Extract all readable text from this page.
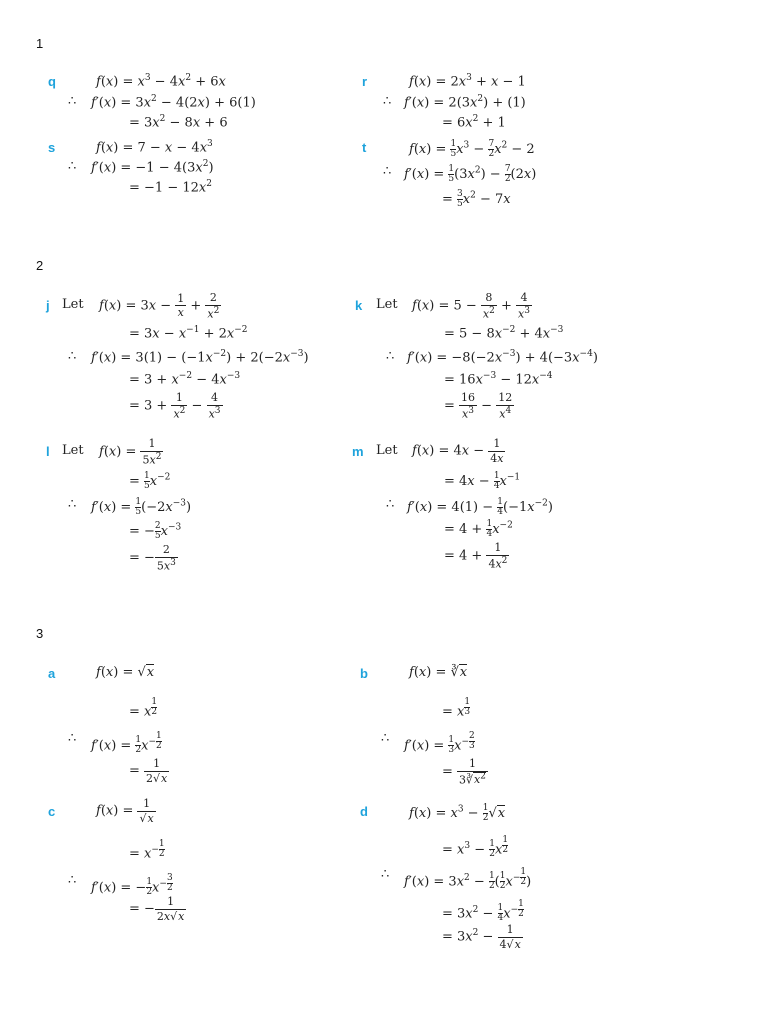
1
q	$f(x) = x^3 - 4x^2 + 6x$
∴ $f'(x) = 3x^2 - 4(2x) + 6(1)$
= $3x^2 - 8x + 6$
r	$f(x) = 2x^3 + x - 1$
∴ $f'(x) = 2(3x^2) + (1)$
= $6x^2 + 1$
s	$f(x) = 7 - x - 4x^3$
∴ $f'(x) = -1 - 4(3x^2)$
= $-1 - 12x^2$
t	$f(x) = \frac{1}{5} x^3 - \frac{7}{2} x^2 - 2$
∴ $f'(x) = \frac{1}{5} (3x^2) - \frac{7}{2} (2x)$
= $\frac{3}{5} x^2 - 7x$
2
j Let $f(x) = 3x - \frac{1}{x} + \frac{2}{x^2}$
= $3x - x^{-1} + 2x^{-2}$
∴ $f'(x) = 3(1) - (-1x^{-2}) + 2(-2x^{-3})$
= $3 + x^{-2} - 4x^{-3}$
= $3 + \frac{1}{x^2} - \frac{4}{x^3}$
k Let $f(x) = 5 - \frac{8}{x^2} + \frac{4}{x^3}$
= $5 - 8x^{-2} + 4x^{-3}$
∴ $f'(x) = -8(-2x^{-3}) + 4(-3x^{-4})$
= $16x^{-3} - 12x^{-4}$
= $\frac{16}{x^3} - \frac{12}{x^4}$
l Let $f(x) = \frac{1}{5x^2}$
= $\frac{1}{5} x^{-2}$
∴ $f'(x) = \frac{1}{5} (-2x^{-3})$
= − $\frac{2}{5} x^{-3}$
= − $\frac{2}{5x^3}$
m Let $f(x) = 4x - \frac{1}{4x}$
= $4x - \frac{1}{4} x^{-1}$
∴ $f'(x) = 4(1) - \frac{1}{4} (-1x^{-2})$
= $4 + \frac{1}{4} x^{-2}$
= $4 + \frac{1}{4x^2}$
3
a	f(x) = √x
= x $^{\frac{1}{2}}$
∴ $f'(x) = \frac{1}{2} x^{- \frac{1}{2}}$
= $\frac{1}{2√x}$
b	f(x) = ∛x
= x $^{\frac{1}{3}}$
∴ $f'(x) = \frac{1}{3} x^{- \frac{2}{3}}$
= $\frac{1}{3∛x^2}$
c	$f(x) = \frac{1}{√x}$
= $x^{- \frac{1}{2}}$
∴ f′(x) = − $\frac{1}{2} x^{- \frac{3}{2}}$
= − $\frac{1}{2x√x}$
d	$f(x) = x^3 - \frac{1}{2} √x$
= $x^3 - \frac{1}{2}$ x $^{\frac{1}{2}}$
∴ $f'(x) = 3x^2 - \frac{1}{2}$ ( $\frac{1}{2} x^{- \frac{1}{2}}$ )
= $3x^2 - \frac{1}{4} x^{- \frac{1}{2}}$
= $3x^2 - \frac{1}{4√x}$
